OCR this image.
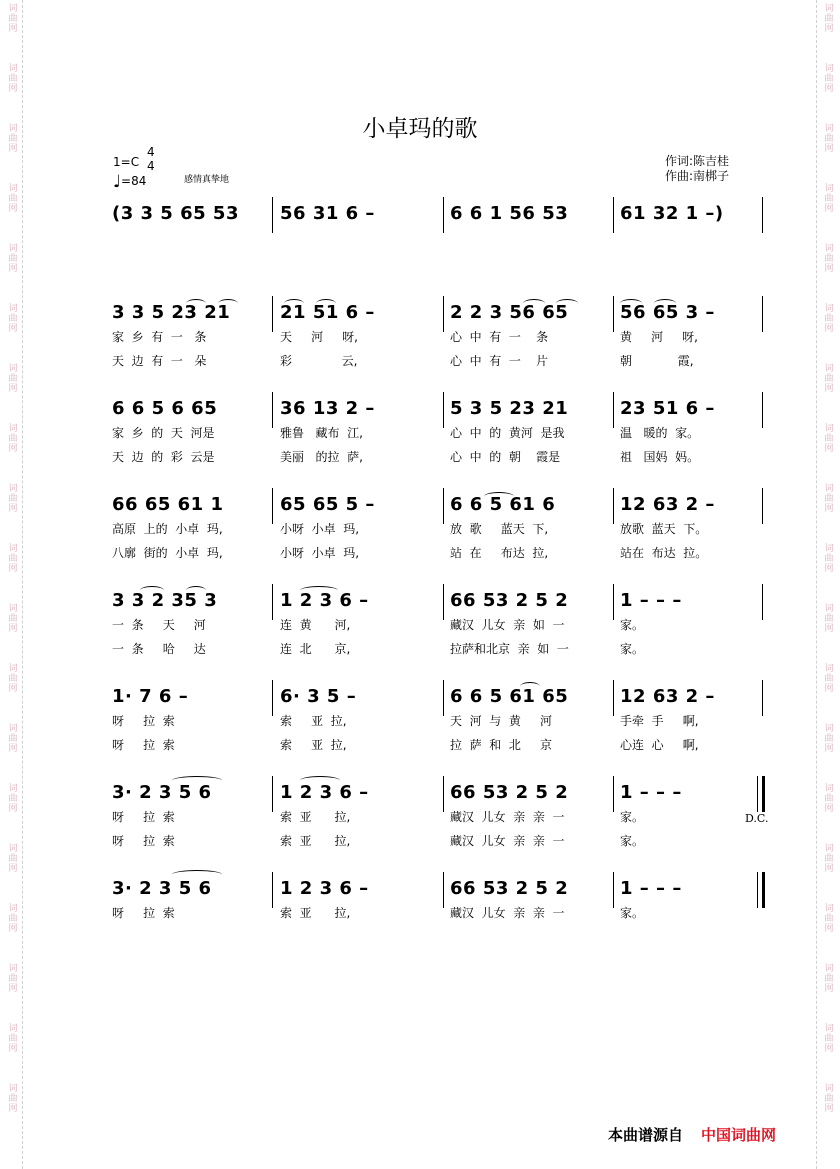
词
曲
网
词
曲
网
词
曲
网
词
曲
网
词
曲
网
词
曲
网
词
曲
网
词
曲
网
词
曲
网
词
曲
网
词
曲
网
词
曲
网
词
曲
网
词
曲
网
词
曲
网
词
曲
网
词
曲
网
词
曲
网
词
曲
网
词
曲
网
词
曲
网
词
曲
网
词
曲
网
词
曲
网
词
曲
网
词
曲
网
词
曲
网
词
曲
网
词
曲
网
词
曲
网
词
曲
网
词
曲
网
词
曲
网
词
曲
网
词
曲
网
词
曲
网
词
曲
网
词
曲
网
小卓玛的歌
1=C
4
4
♩=84	感情真挚地
作词:陈吉桂
作曲:南梆子
(3 3 5 65 53 56 31 6 –	6 6 1 56 53	61 32 1 –)
3 3 5 23 21	21 51 6 –	2 2 3 56 65	56 65 3 –
家  乡  有  一   条	天     河     呀,	心  中  有  一    条	黄     河     呀,
天  边  有  一   朵	彩             云,	心  中  有  一    片	朝            霞,
6 6 5 6 65	36 13 2 –	5 3 5 23 21	23 51 6 –
家  乡  的  天  河是	雅鲁   藏布  江,	心  中  的  黄河  是我	温   暖的  家。
天  边  的  彩  云是	美丽   的拉  萨,	心  中  的  朝    霞是	祖   国妈  妈。
66 65 61 1	65 65 5 –	6 6 5 61 6	12 63 2 –
高原  上的  小卓  玛,	小呀  小卓  玛,	放  歌     蓝天  下,	放歌  蓝天  下。
八廓  街的  小卓  玛,	小呀  小卓  玛,	站  在     布达  拉,	站在  布达  拉。
3 3 2 35 3	1 2 3 6 –	66 53 2 5 2	1 – – –
一  条     天     河	连  黄      河,	藏汉  儿女  亲  如  一	家。
一  条     哈     达	连  北      京,	拉萨和北京  亲  如  一	家。
1· 7 6 –	6· 3 5 –	6 6 5 61 65	12 63 2 –
呀     拉  索	索     亚  拉,	天  河  与  黄     河	手牵  手     啊,
呀     拉  索	索     亚  拉,	拉  萨  和  北     京	心连  心     啊,
3· 2 3 5 6	1 2 3 6 –	66 53 2 5 2	1 – – –
呀     拉  索	索  亚      拉,	藏汉  儿女  亲  亲  一	家。
呀     拉  索	索  亚      拉,	藏汉  儿女  亲  亲  一	家。
3· 2 3 5 6	1 2 3 6 –	66 53 2 5 2	1 – – –
呀     拉  索	索  亚      拉,	藏汉  儿女  亲  亲  一	家。
D.C.
本曲谱源自 中国词曲网
